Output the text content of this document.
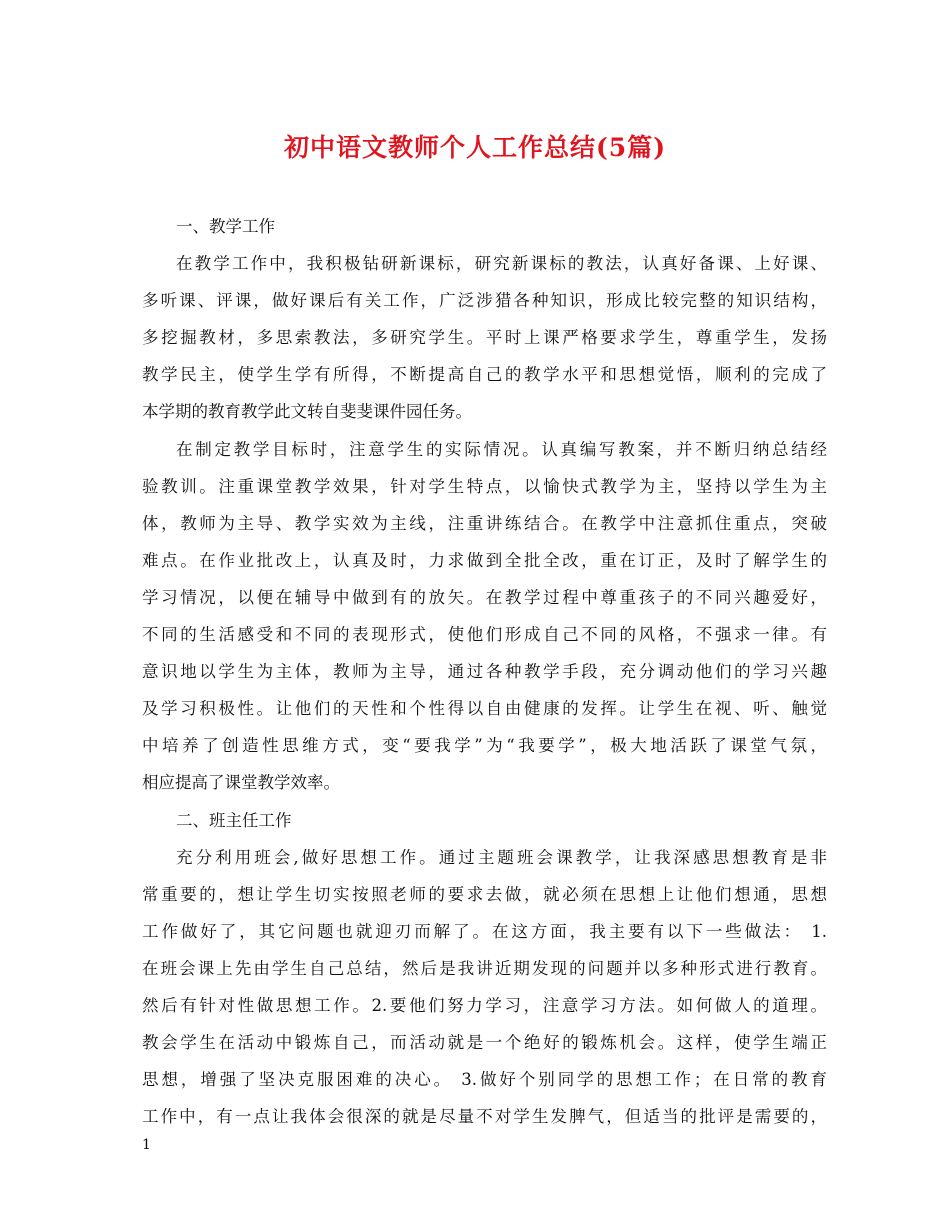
初中语文教师个人工作总结(5篇)
一、教学工作
在教学工作中，我积极钻研新课标，研究新课标的教法，认真好备课、上好课、
多听课、评课，做好课后有关工作，广泛涉猎各种知识，形成比较完整的知识结构，
多挖掘教材，多思索教法，多研究学生。平时上课严格要求学生，尊重学生，发扬
教学民主，使学生学有所得，不断提高自己的教学水平和思想觉悟，顺利的完成了
本学期的教育教学此文转自斐斐课件园任务。
在制定教学目标时，注意学生的实际情况。认真编写教案，并不断归纳总结经
验教训。注重课堂教学效果，针对学生特点，以愉快式教学为主，坚持以学生为主
体，教师为主导、教学实效为主线，注重讲练结合。在教学中注意抓住重点，突破
难点。在作业批改上，认真及时，力求做到全批全改，重在订正，及时了解学生的
学习情况，以便在辅导中做到有的放矢。在教学过程中尊重孩子的不同兴趣爱好，
不同的生活感受和不同的表现形式，使他们形成自己不同的风格，不强求一律。有
意识地以学生为主体，教师为主导，通过各种教学手段，充分调动他们的学习兴趣
及学习积极性。让他们的天性和个性得以自由健康的发挥。让学生在视、听、触觉
中培养了创造性思维方式，变“要我学”为“我要学”，极大地活跃了课堂气氛，
相应提高了课堂教学效率。
二、班主任工作
充分利用班会,做好思想工作。通过主题班会课教学，让我深感思想教育是非
常重要的，想让学生切实按照老师的要求去做，就必须在思想上让他们想通，思想
工作做好了，其它问题也就迎刃而解了。在这方面，我主要有以下一些做法： 1.
在班会课上先由学生自己总结，然后是我讲近期发现的问题并以多种形式进行教育。
然后有针对性做思想工作。2.要他们努力学习，注意学习方法。如何做人的道理。
教会学生在活动中锻炼自己，而活动就是一个绝好的锻炼机会。这样，使学生端正
思想，增强了坚决克服困难的决心。 3.做好个别同学的思想工作；在日常的教育
工作中，有一点让我体会很深的就是尽量不对学生发脾气，但适当的批评是需要的，
1
